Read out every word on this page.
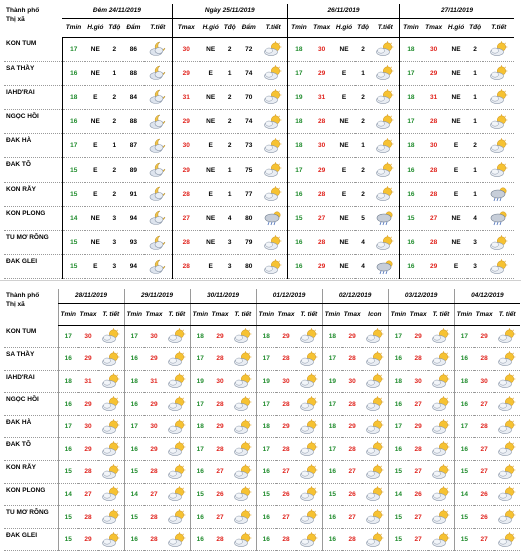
Thành phố
Thị xã	Đêm 24/11/2019					Ngày 25/11/2019					26/11/2019					27/11/2019				
	Tmin	H.gió	Tđộ	Đẩm	T.tiết	Tmax	H.gió	Tđộ	Đẩm	T.tiết	Tmin	Tmax	H.gió	Tđộ	T.tiết	Tmin	Tmax	H.gió	Tđộ	T.tiết
KON TUM	17	NE	2	86		30	NE	2	72		18	30	NE	2		18	30	NE	2	

SA THẦY	16	NE	1	88		29	E	1	74		17	29	E	1		17	29	NE	1	

IAHD'RAI	18	E	2	84		31	NE	2	70		19	31	E	2		18	31	NE	1	

NGỌC HỒI	16	NE	2	88		29	NE	2	74		18	28	NE	2		17	28	NE	1	

ĐAK HÀ	17	E	1	87		30	E	2	73		18	30	NE	1		18	30	E	2	

ĐAK TÔ	15	E	2	89		29	NE	1	75		17	29	E	2		16	28	E	1	

KON RẪY	15	E	2	91		28	E	1	77		16	28	E	2		16	28	E	1	

KON PLONG	14	NE	3	94		27	NE	4	80		15	27	NE	5		15	27	NE	4	

TU MƠ RÔNG	15	NE	3	93		28	NE	3	79		16	28	NE	4		16	28	NE	3	

ĐAK GLEI	15	E	3	94		28	E	3	80		16	29	NE	4		16	29	E	3	
Thành phố
Thị xã	28/11/2019			29/11/2019			30/11/2019			01/12/2019			02/12/2019			03/12/2019			04/12/2019		
	Tmin	Tmax	T. tiết	Tmin	Tmax	T. tiết	Tmin	Tmax	T. tiết	Tmin	Tmax	T. tiết	Tmin	Tmax	Icon	Tmin	Tmax	T. tiết	Tmin	Tmax	T. tiết
KON TUM	17	30		17	30		18	29		18	29		18	29		17	29		17	29	

SA THẦY	16	29		16	29		17	28		17	28		17	28		16	28		16	28	

IAHD'RAI	18	31		18	31		19	30		19	30		19	30		18	30		18	30	

NGỌC HỒI	16	29		16	29		17	28		17	28		17	28		16	27		16	27	

ĐAK HÀ	17	30		17	30		18	29		18	29		18	29		17	29		17	28	

ĐAK TÔ	16	29		16	29		17	28		17	28		17	28		16	28		16	27	

KON RẪY	15	28		15	28		16	27		16	27		16	27		15	27		15	27	

KON PLONG	14	27		14	27		15	26		15	26		15	26		14	26		14	26	

TU MƠ RÔNG	15	28		15	28		16	27		16	27		16	27		15	27		15	26	

ĐAK GLEI	15	29		16	28		16	28		16	28		16	28		15	27		15	27	
